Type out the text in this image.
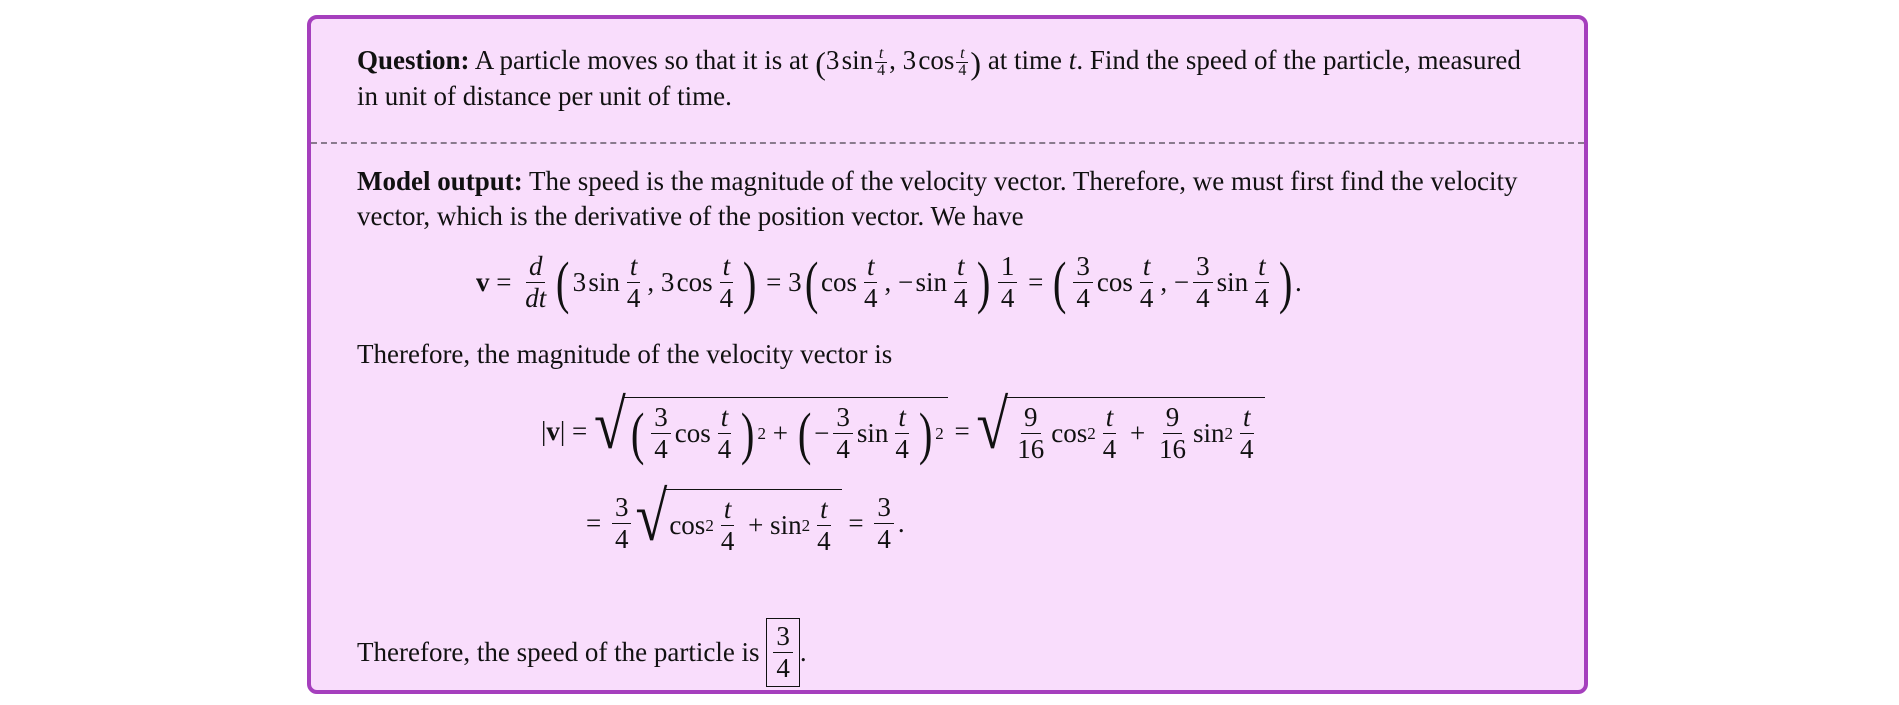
Question: A particle moves so that it is at (3 $\sin \frac{t}{4}$ , 3 $\cos \frac{t}{4}$ ) at time t. Find the speed of the particle, measured in unit of distance per unit of time.
Model output: The speed is the magnitude of the velocity vector. Therefore, we must first find the velocity vector, which is the derivative of the position vector. We have
$v = \frac{d}{dt}$ ( 3 $\sin \frac{t}{4}$ , 3 $\cos \frac{t}{4}$ ) = 3 ( $\cos \frac{t}{4}$ , − $\sin \frac{t}{4}$ ) $\frac{1}{4}$ = ( $\frac{3}{4}$ $\cos \frac{t}{4}$ , − $\frac{3}{4}$ $\sin \frac{t}{4}$ ) .
Therefore, the magnitude of the velocity vector is
| v | = √ ( $\frac{3}{4}$ $\cos \frac{t}{4}$ ) 2 + ( − $\frac{3}{4}$ $\sin \frac{t}{4}$ ) 2 = √ $\frac{9}{16}$ $\cos 2 \frac{t}{4} + \frac{9}{16}$ $\sin 2 \frac{t}{4}$
= $\frac{3}{4}$ √ $\cos 2 \frac{t}{4} + \sin 2 \frac{t}{4} = \frac{3}{4}$ .
Therefore, the speed of the particle is
$\frac{3}{4}$ .
